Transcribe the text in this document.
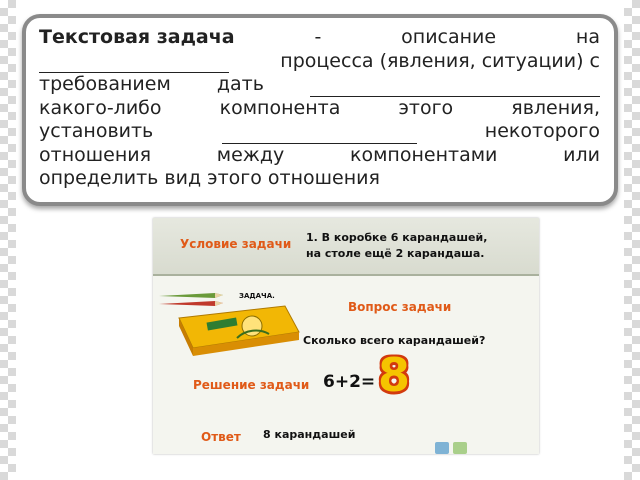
Текстовая задача	-	описание	на
процесса (явления, ситуации) с
требованием дать
какого-либо	компонента	этого	явления,
установить	некоторого
отношения	между	компонентами	или
определить вид этого отношения
Условие задачи 1. В коробке 6 карандашей,
на столе ещё 2 карандаша.
ЗАДАЧА.
Вопрос задачи
Сколько всего карандашей?
Решение задачи 6+2= 8
Ответ 8 карандашей
